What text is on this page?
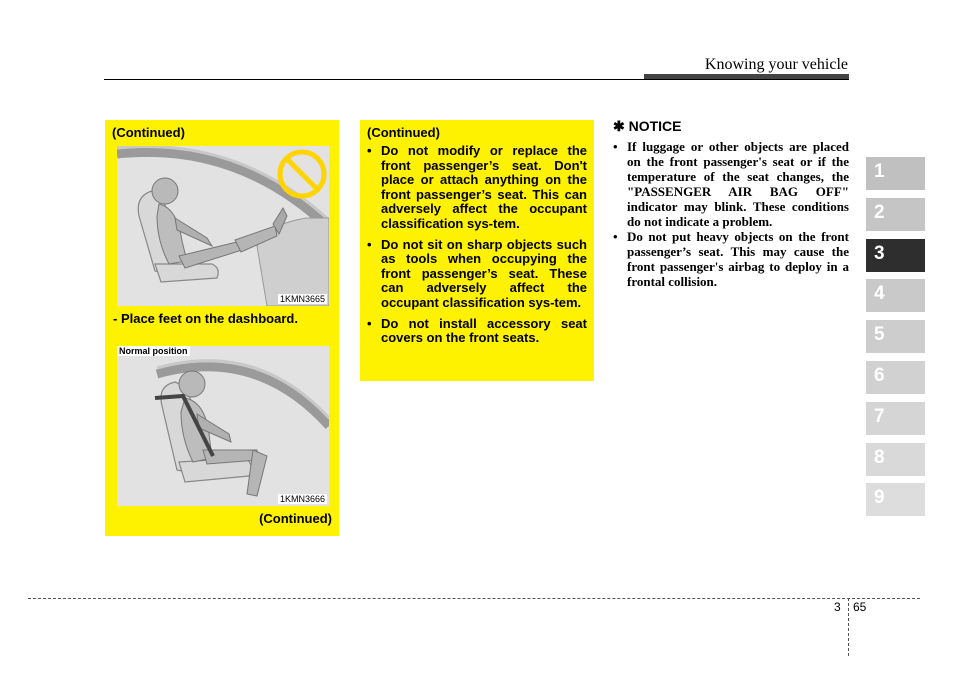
Knowing your vehicle
(Continued)
(Continued)
1KMN3665
- Place feet on the dashboard.
Normal position
1KMN3666
(Continued)
• Do not modify or replace the front passenger’s seat. Don't place or attach anything on the front passenger’s seat. This can adversely affect the occupant classification sys-tem.
• Do not sit on sharp objects such as tools when occupying the front passenger’s seat. These can adversely affect the occupant classification sys-tem.
• Do not install accessory seat covers on the front seats.
✱ NOTICE
• If luggage or other objects are placed on the front passenger's seat or if the temperature of the seat changes, the "PASSENGER AIR BAG OFF" indicator may blink. These conditions do not indicate a problem.
• Do not put heavy objects on the front passenger’s seat. This may cause the front passenger's airbag to deploy in a frontal collision.
1
2
3
4
5
6
7
8
9
3 65
